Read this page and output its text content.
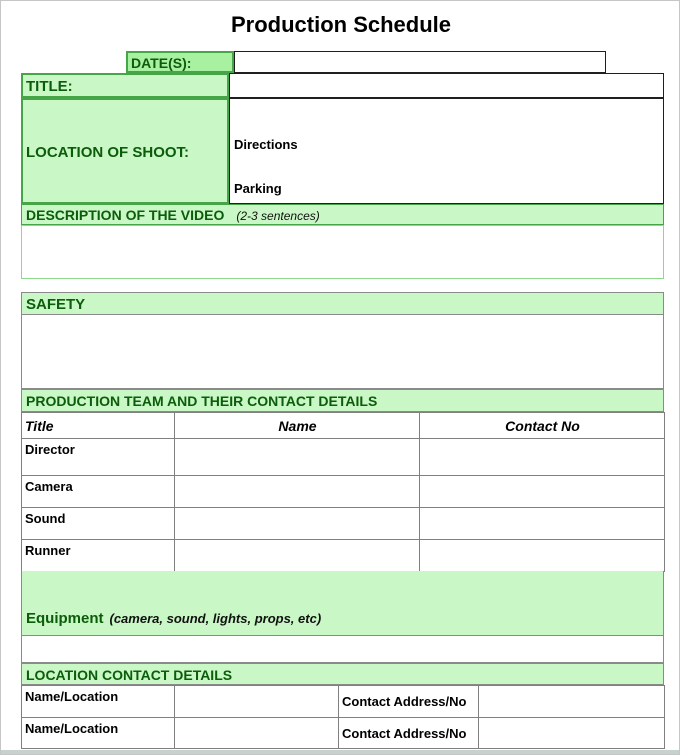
Production Schedule
DATE(S):
TITLE:
LOCATION OF SHOOT:	Directions
Parking
DESCRIPTION OF THE VIDEO (2-3 sentences)
SAFETY
PRODUCTION TEAM AND THEIR CONTACT DETAILS
Title	Name	Contact No
Director		
Camera		
Sound		
Runner		
Equipment (camera, sound, lights, props, etc)
LOCATION CONTACT DETAILS
Name/Location		Contact Address/No	
Name/Location		Contact Address/No	
